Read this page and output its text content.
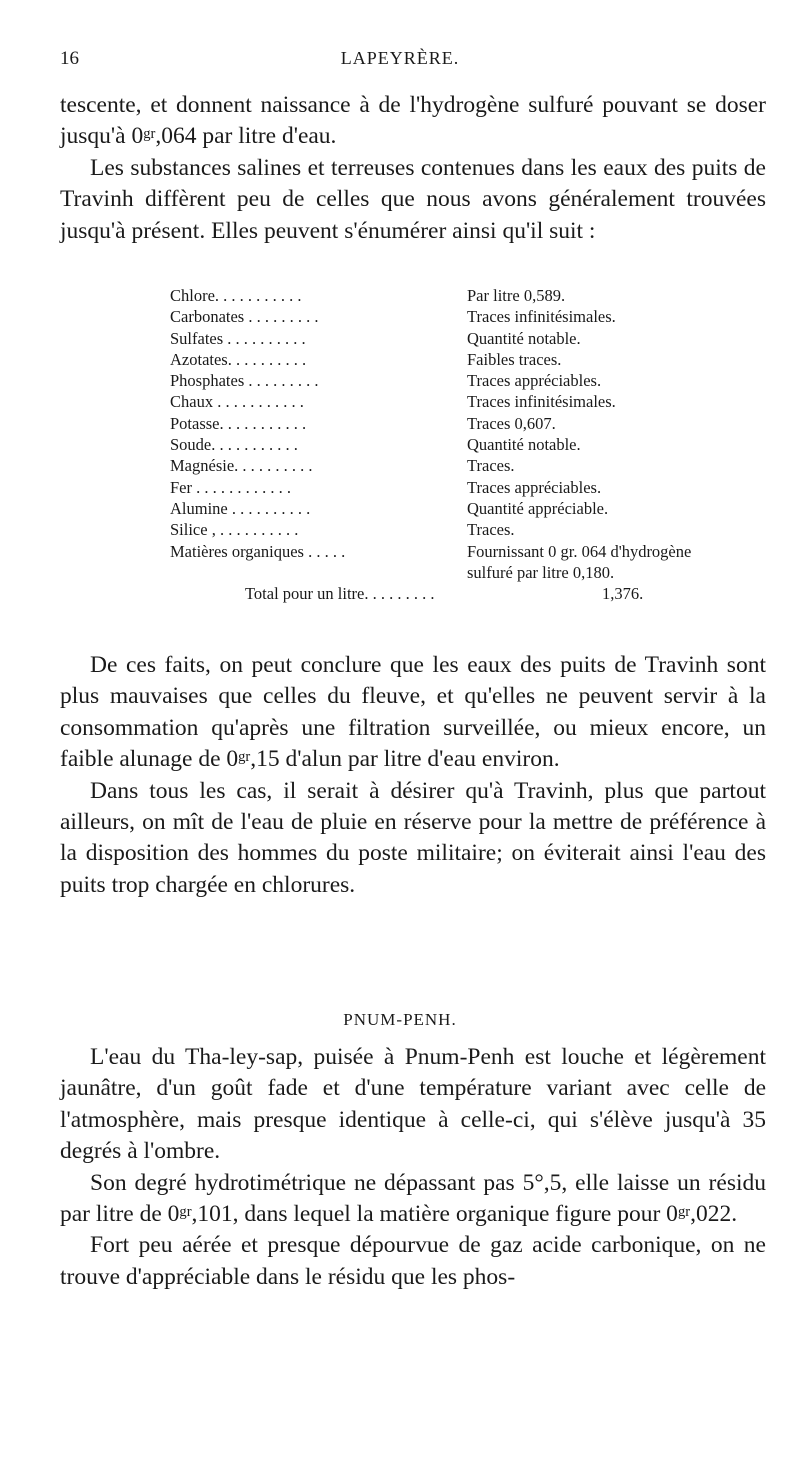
16	LAPEYRÈRE.

tescente, et donnent naissance à de l'hydrogène sulfuré pouvant se doser jusqu'à $0^{gr},064$ par litre d'eau.

Les substances salines et terreuses contenues dans les eaux des puits de Travinh diffèrent peu de celles que nous avons généralement trouvées jusqu'à présent. Elles peuvent s'énumérer ainsi qu'il suit :

Chlore. . . . . . . . . . .	Par litre 0,589.
Carbonates . . . . . . . . .	Traces infinitésimales.
Sulfates . . . . . . . . . .	Quantité notable.
Azotates. . . . . . . . . .	Faibles traces.
Phosphates . . . . . . . . .	Traces appréciables.
Chaux . . . . . . . . . . .	Traces infinitésimales.
Potasse. . . . . . . . . . .	Traces 0,607.
Soude. . . . . . . . . . .	Quantité notable.
Magnésie. . . . . . . . . .	Traces.
Fer . . . . . . . . . . . .	Traces appréciables.
Alumine . . . . . . . . . .	Quantité appréciable.
Silice , . . . . . . . . . .	Traces.
Matières organiques . . . . .	Fournissant 0 gr. 064 d'hydrogène
sulfuré par litre 0,180.
Total pour un litre. . . . . . . . .	1,376.

De ces faits, on peut conclure que les eaux des puits de Travinh sont plus mauvaises que celles du fleuve, et qu'elles ne peuvent servir à la consommation qu'après une filtration surveillée, ou mieux encore, un faible alunage de $0^{gr},15$ d'alun par litre d'eau environ.

Dans tous les cas, il serait à désirer qu'à Travinh, plus que partout ailleurs, on mît de l'eau de pluie en réserve pour la mettre de préférence à la disposition des hommes du poste militaire; on éviterait ainsi l'eau des puits trop chargée en chlorures.

PNUM-PENH.

L'eau du Tha-ley-sap, puisée à Pnum-Penh est louche et légèrement jaunâtre, d'un goût fade et d'une température variant avec celle de l'atmosphère, mais presque identique à celle-ci, qui s'élève jusqu'à 35 degrés à l'ombre.

Son degré hydrotimétrique ne dépassant pas 5°,5, elle laisse un résidu par litre de $0^{gr},101$, dans lequel la matière organique figure pour $0^{gr},022$.

Fort peu aérée et presque dépourvue de gaz acide carbonique, on ne trouve d'appréciable dans le résidu que les phos-
